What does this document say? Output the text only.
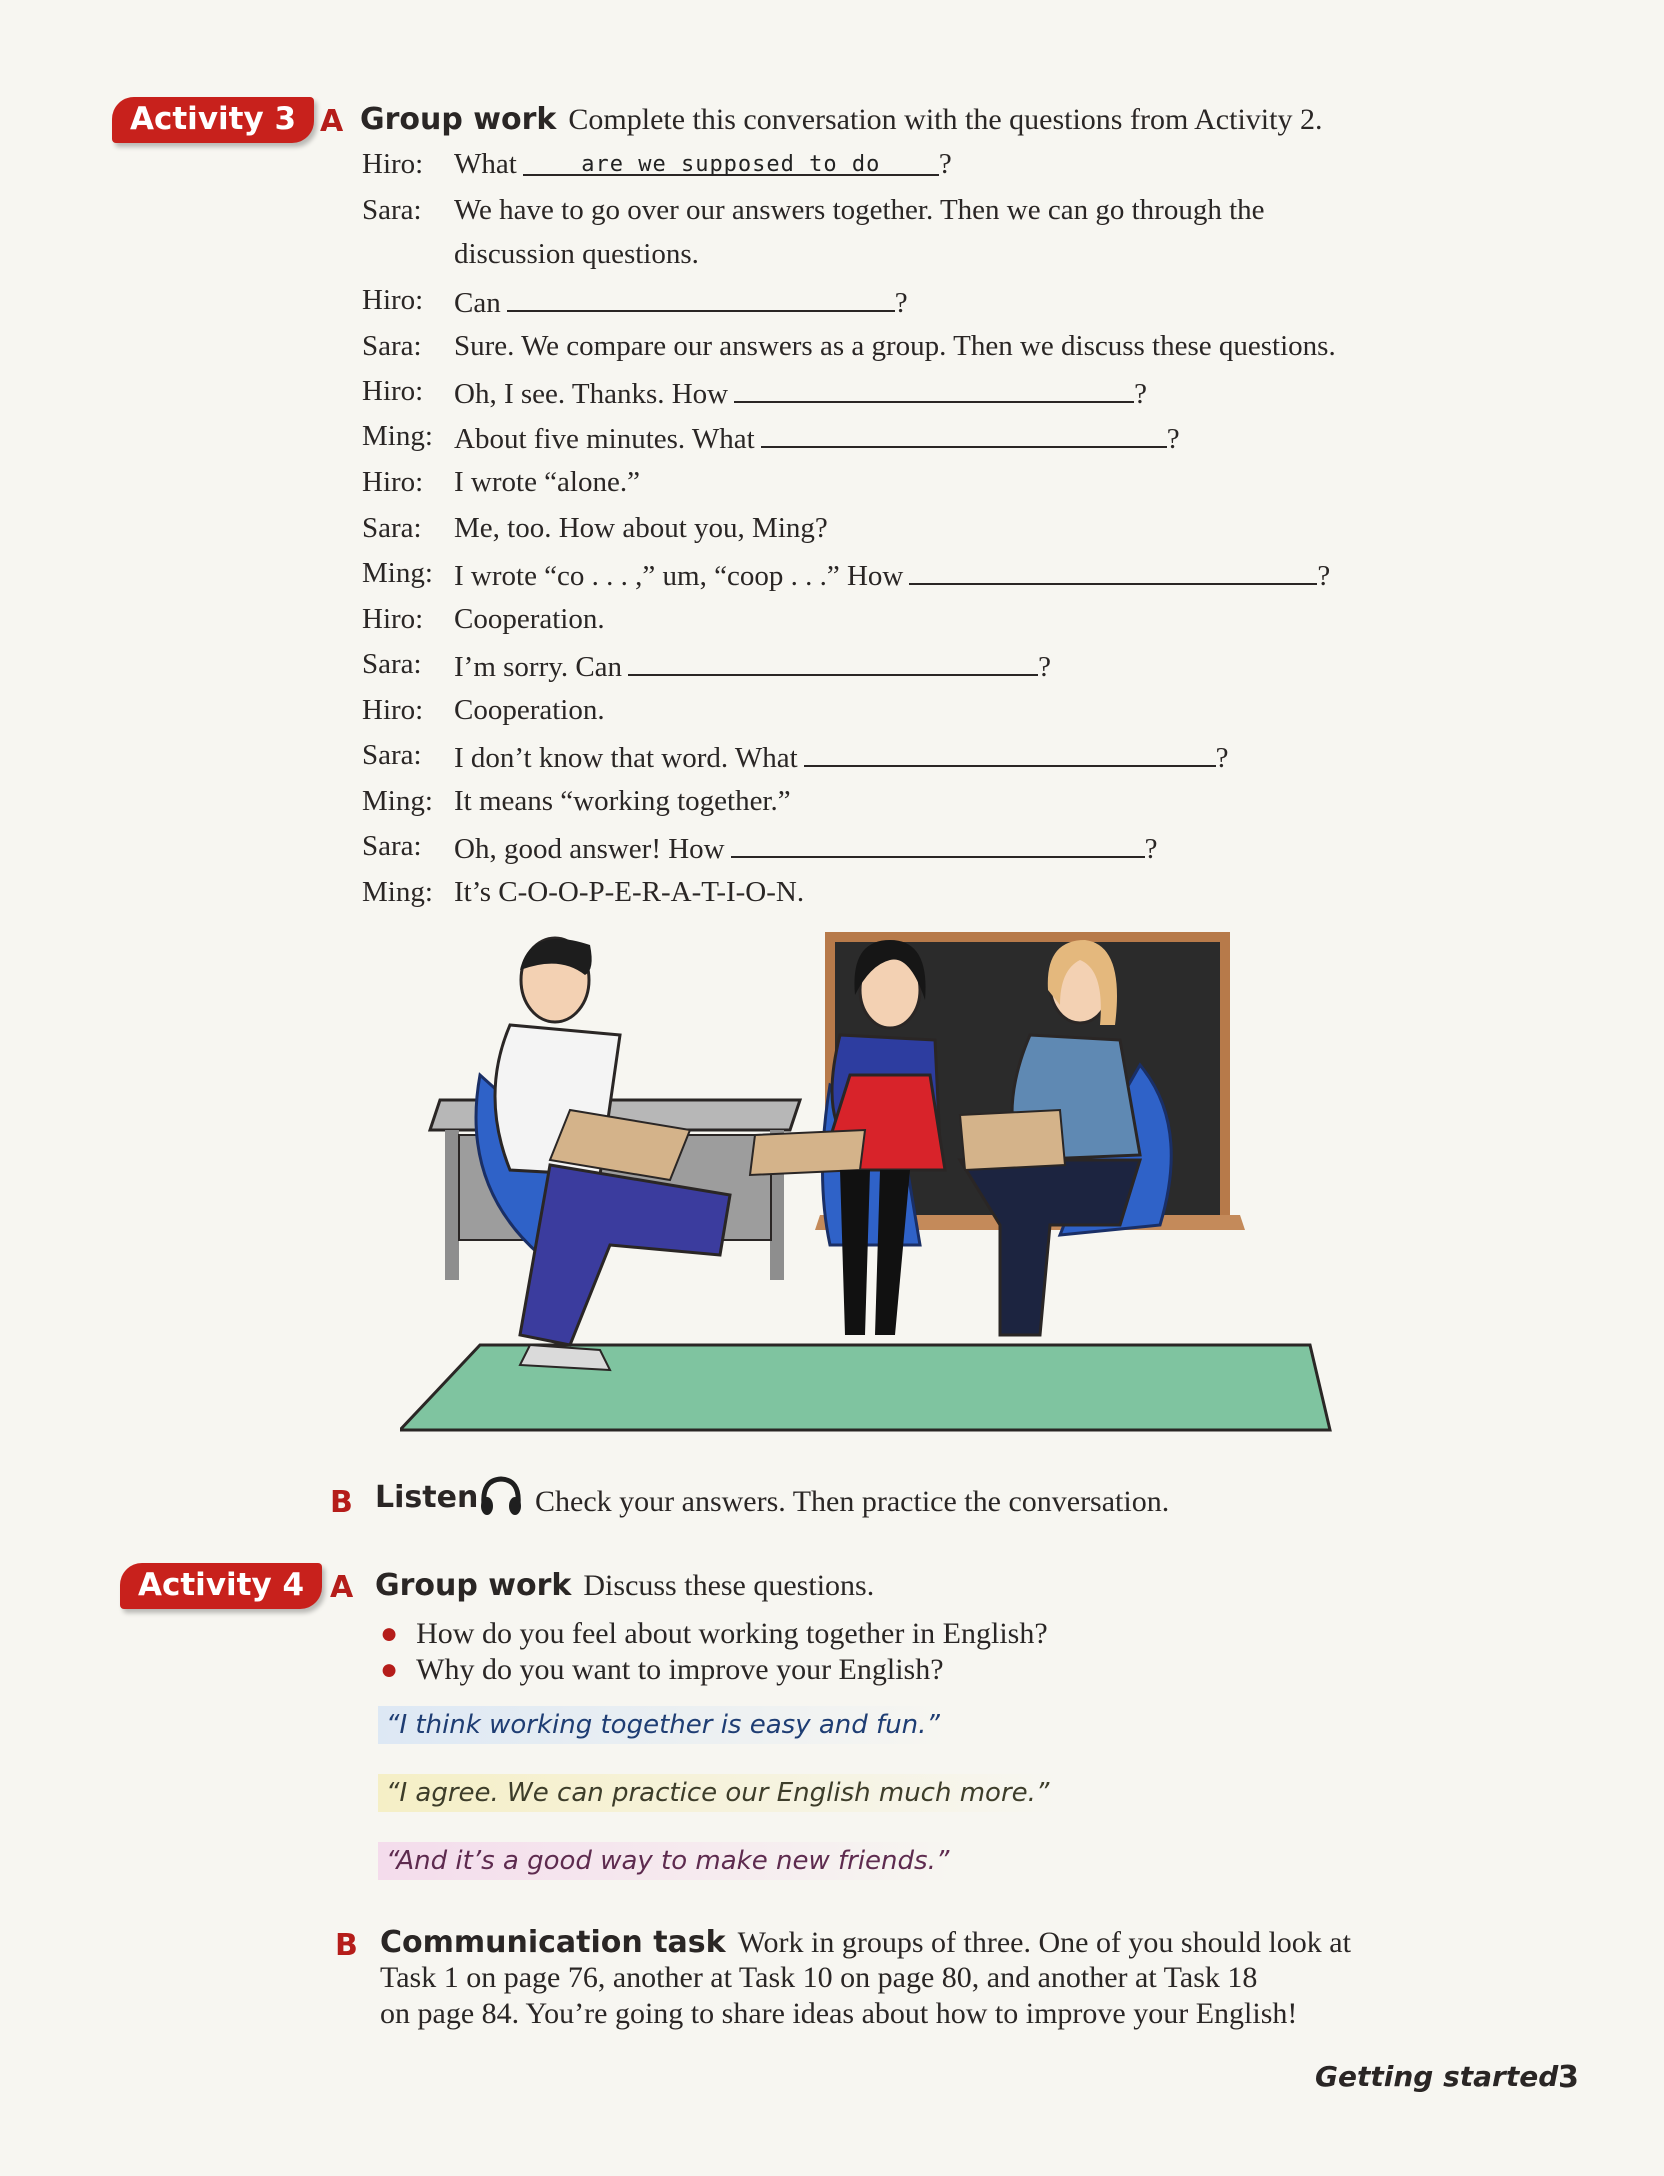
Activity 3 A Group work Complete this conversation with the questions from Activity 2.
Hiro:	What	are we supposed to do ?
Sara:	We have to go over our answers together. Then we can go through the
discussion questions.
Hiro:	Can	?
Sara:	Sure. We compare our answers as a group. Then we discuss these questions.
Hiro:	Oh, I see. Thanks. How	?
Ming: About five minutes. What	?
Hiro:	I wrote “alone.”
Sara:	Me, too. How about you, Ming?
Ming: I wrote “co . . . ,” um, “coop . . .” How	?
Hiro:	Cooperation.
Sara:	I’m sorry. Can	?
Hiro:	Cooperation.
Sara:	I don’t know that word. What	?
Ming: It means “working together.”
Sara:	Oh, good answer! How	?
Ming: It’s C-O-O-P-E-R-A-T-I-O-N.
B Listen	Check your answers. Then practice the conversation.
Activity 4 A Group work Discuss these questions.
● How do you feel about working together in English?
● Why do you want to improve your English?
“I think working together is easy and fun.”
“I agree. We can practice our English much more.”
“And it’s a good way to make new friends.”
B Communication task Work in groups of three. One of you should look at
Task 1 on page 76, another at Task 10 on page 80, and another at Task 18
on page 84. You’re going to share ideas about how to improve your English!
Getting started 3
